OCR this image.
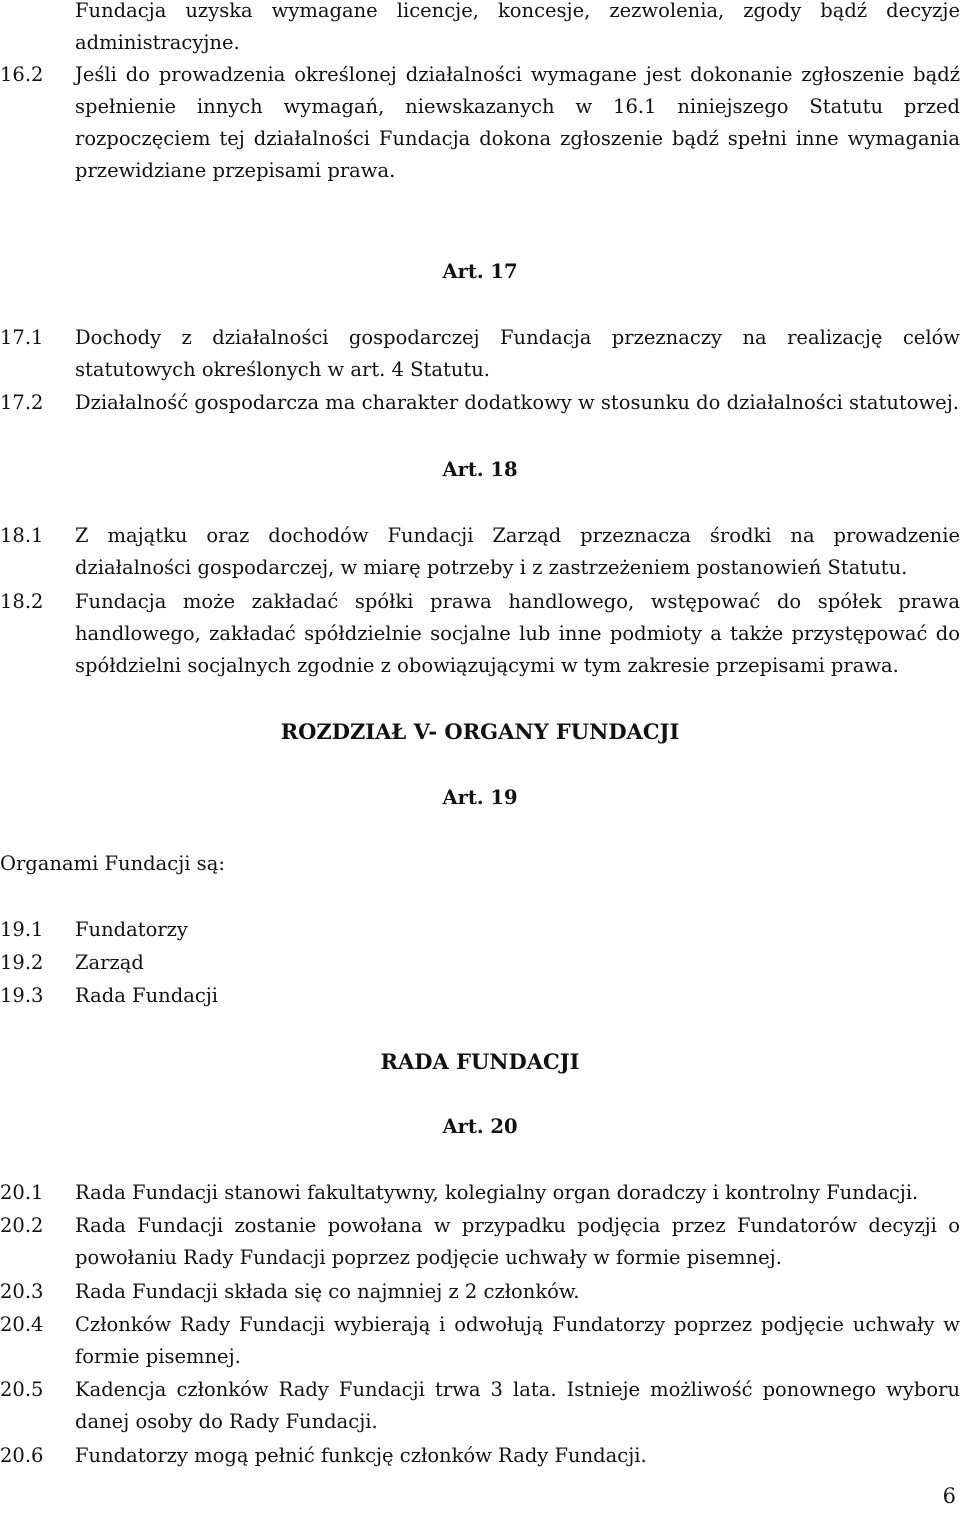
Fundacja uzyska wymagane licencje, koncesje, zezwolenia, zgody bądź decyzje administracyjne.
16.2	Jeśli do prowadzenia określonej działalności wymagane jest dokonanie zgłoszenie bądź spełnienie innych wymagań, niewskazanych w 16.1 niniejszego Statutu przed rozpoczęciem tej działalności Fundacja dokona zgłoszenie bądź spełni inne wymagania przewidziane przepisami prawa.
Art. 17
17.1	Dochody z działalności gospodarczej Fundacja przeznaczy na realizację celów statutowych określonych w art. 4 Statutu.
17.2	Działalność gospodarcza ma charakter dodatkowy w stosunku do działalności statutowej.
Art. 18
18.1	Z majątku oraz dochodów Fundacji Zarząd przeznacza środki na prowadzenie działalności gospodarczej, w miarę potrzeby i z zastrzeżeniem postanowień Statutu.
18.2	Fundacja może zakładać spółki prawa handlowego, wstępować do spółek prawa handlowego, zakładać spółdzielnie socjalne lub inne podmioty a także przystępować do spółdzielni socjalnych zgodnie z obowiązującymi w tym zakresie przepisami prawa.
ROZDZIAŁ V- ORGANY FUNDACJI
Art. 19
Organami Fundacji są:
19.1	Fundatorzy
19.2	Zarząd
19.3	Rada Fundacji
RADA FUNDACJI
Art. 20
20.1	Rada Fundacji stanowi fakultatywny, kolegialny organ doradczy i kontrolny Fundacji.
20.2	Rada Fundacji zostanie powołana w przypadku podjęcia przez Fundatorów decyzji o powołaniu Rady Fundacji poprzez podjęcie uchwały w formie pisemnej.
20.3	Rada Fundacji składa się co najmniej z 2 członków.
20.4	Członków Rady Fundacji wybierają i odwołują Fundatorzy poprzez podjęcie uchwały w formie pisemnej.
20.5	Kadencja członków Rady Fundacji trwa 3 lata. Istnieje możliwość ponownego wyboru danej osoby do Rady Fundacji.
20.6	Fundatorzy mogą pełnić funkcję członków Rady Fundacji.
6
